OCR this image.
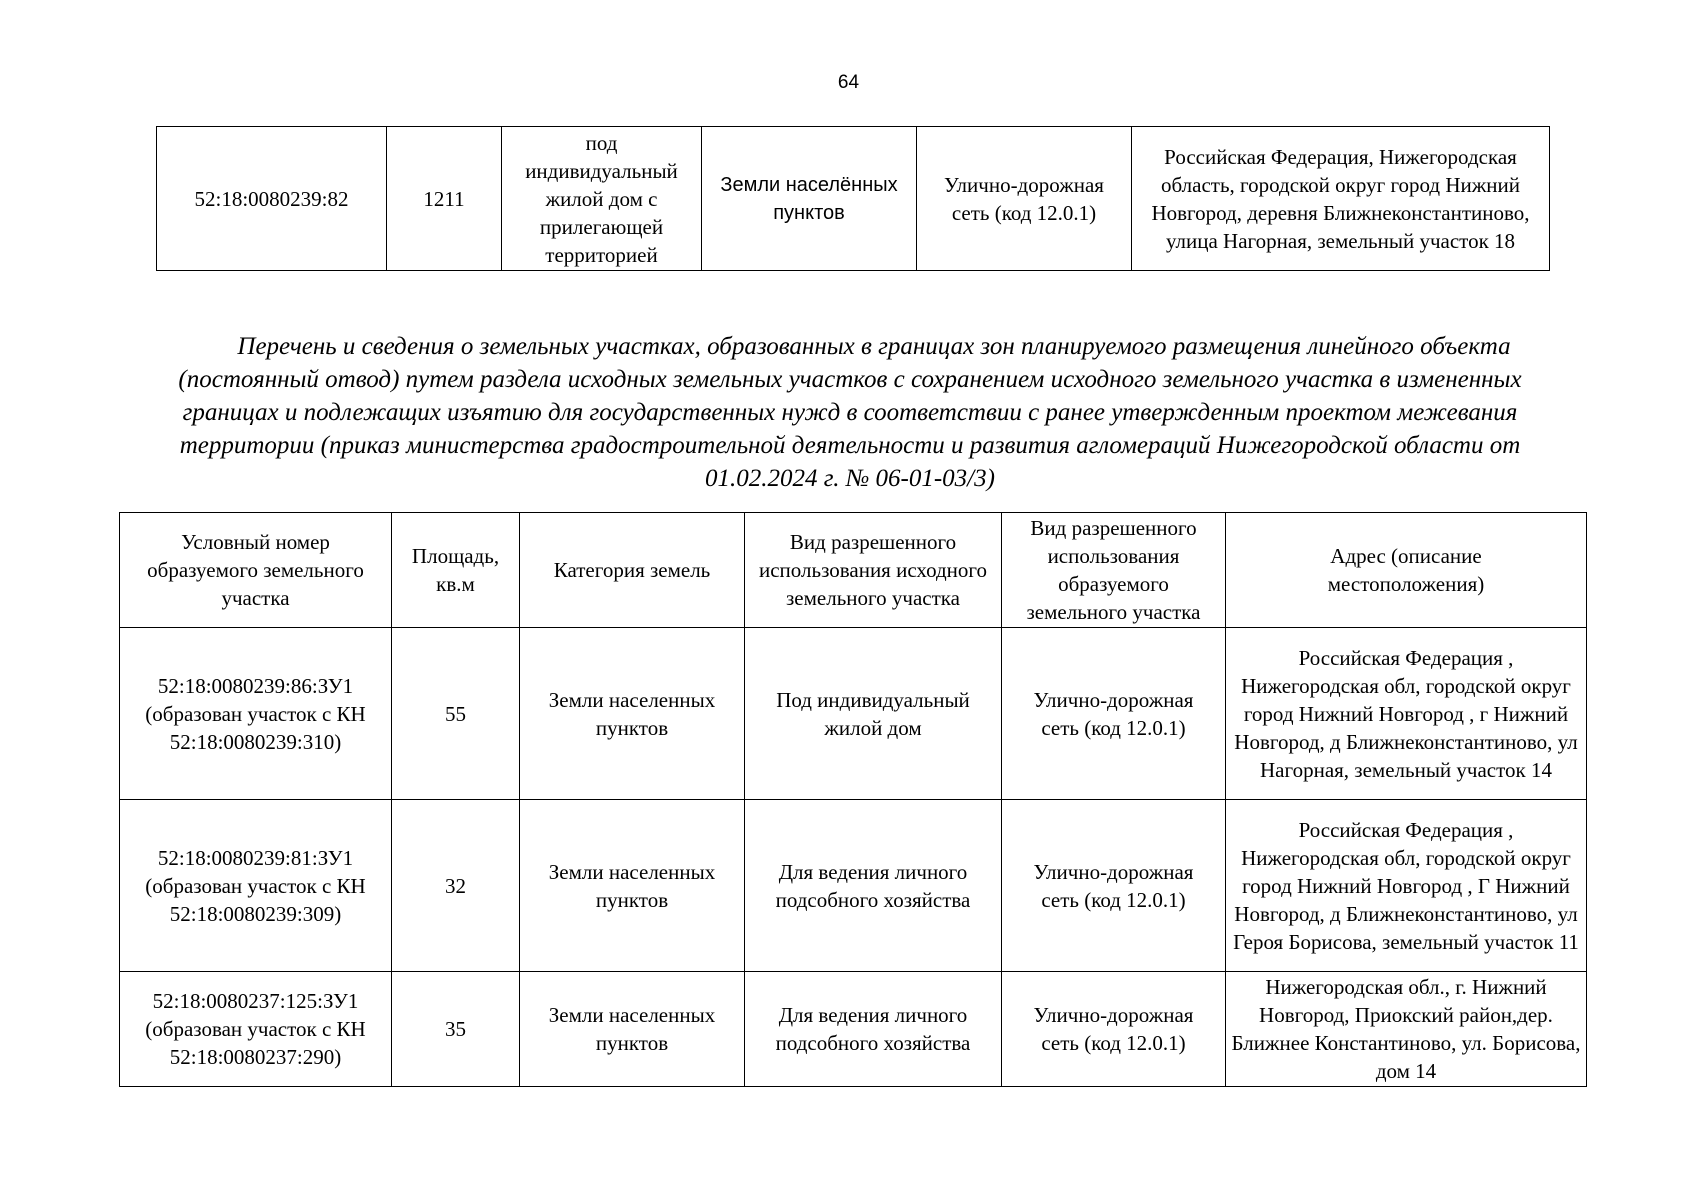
64
52:18:0080239:82	1211	под индивидуальный жилой дом с прилегающей территорией	Земли населённых пунктов	Улично-дорожная сеть (код 12.0.1)	Российская Федерация, Нижегородская область, городской округ город Нижний Новгород, деревня Ближнеконстантиново, улица Нагорная, земельный участок 18
Перечень и сведения о земельных участках, образованных в границах зон планируемого размещения линейного объекта (постоянный отвод) путем раздела исходных земельных участков с сохранением исходного земельного участка в измененных границах и подлежащих изъятию для государственных нужд в соответствии с ранее утвержденным проектом межевания территории (приказ министерства градостроительной деятельности и развития агломераций Нижегородской области от 01.02.2024 г. № 06-01-03/3)
Условный номер образуемого земельного участка	Площадь, кв.м	Категория земель	Вид разрешенного использования исходного земельного участка	Вид разрешенного использования образуемого земельного участка	Адрес (описание местоположения)
52:18:0080239:86:ЗУ1 (образован участок с КН 52:18:0080239:310)	55	Земли населенных пунктов	Под индивидуальный жилой дом	Улично-дорожная сеть (код 12.0.1)	Российская Федерация , Нижегородская обл, городской округ город Нижний Новгород , г Нижний Новгород, д Ближнеконстантиново, ул Нагорная, земельный участок 14
52:18:0080239:81:ЗУ1 (образован участок с КН 52:18:0080239:309)	32	Земли населенных пунктов	Для ведения личного подсобного хозяйства	Улично-дорожная сеть (код 12.0.1)	Российская Федерация , Нижегородская обл, городской округ город Нижний Новгород , Г Нижний Новгород, д Ближнеконстантиново, ул Героя Борисова, земельный участок 11
52:18:0080237:125:ЗУ1 (образован участок с КН 52:18:0080237:290)	35	Земли населенных пунктов	Для ведения личного подсобного хозяйства	Улично-дорожная сеть (код 12.0.1)	Нижегородская обл., г. Нижний Новгород, Приокский район,дер. Ближнее Константиново, ул. Борисова, дом 14
